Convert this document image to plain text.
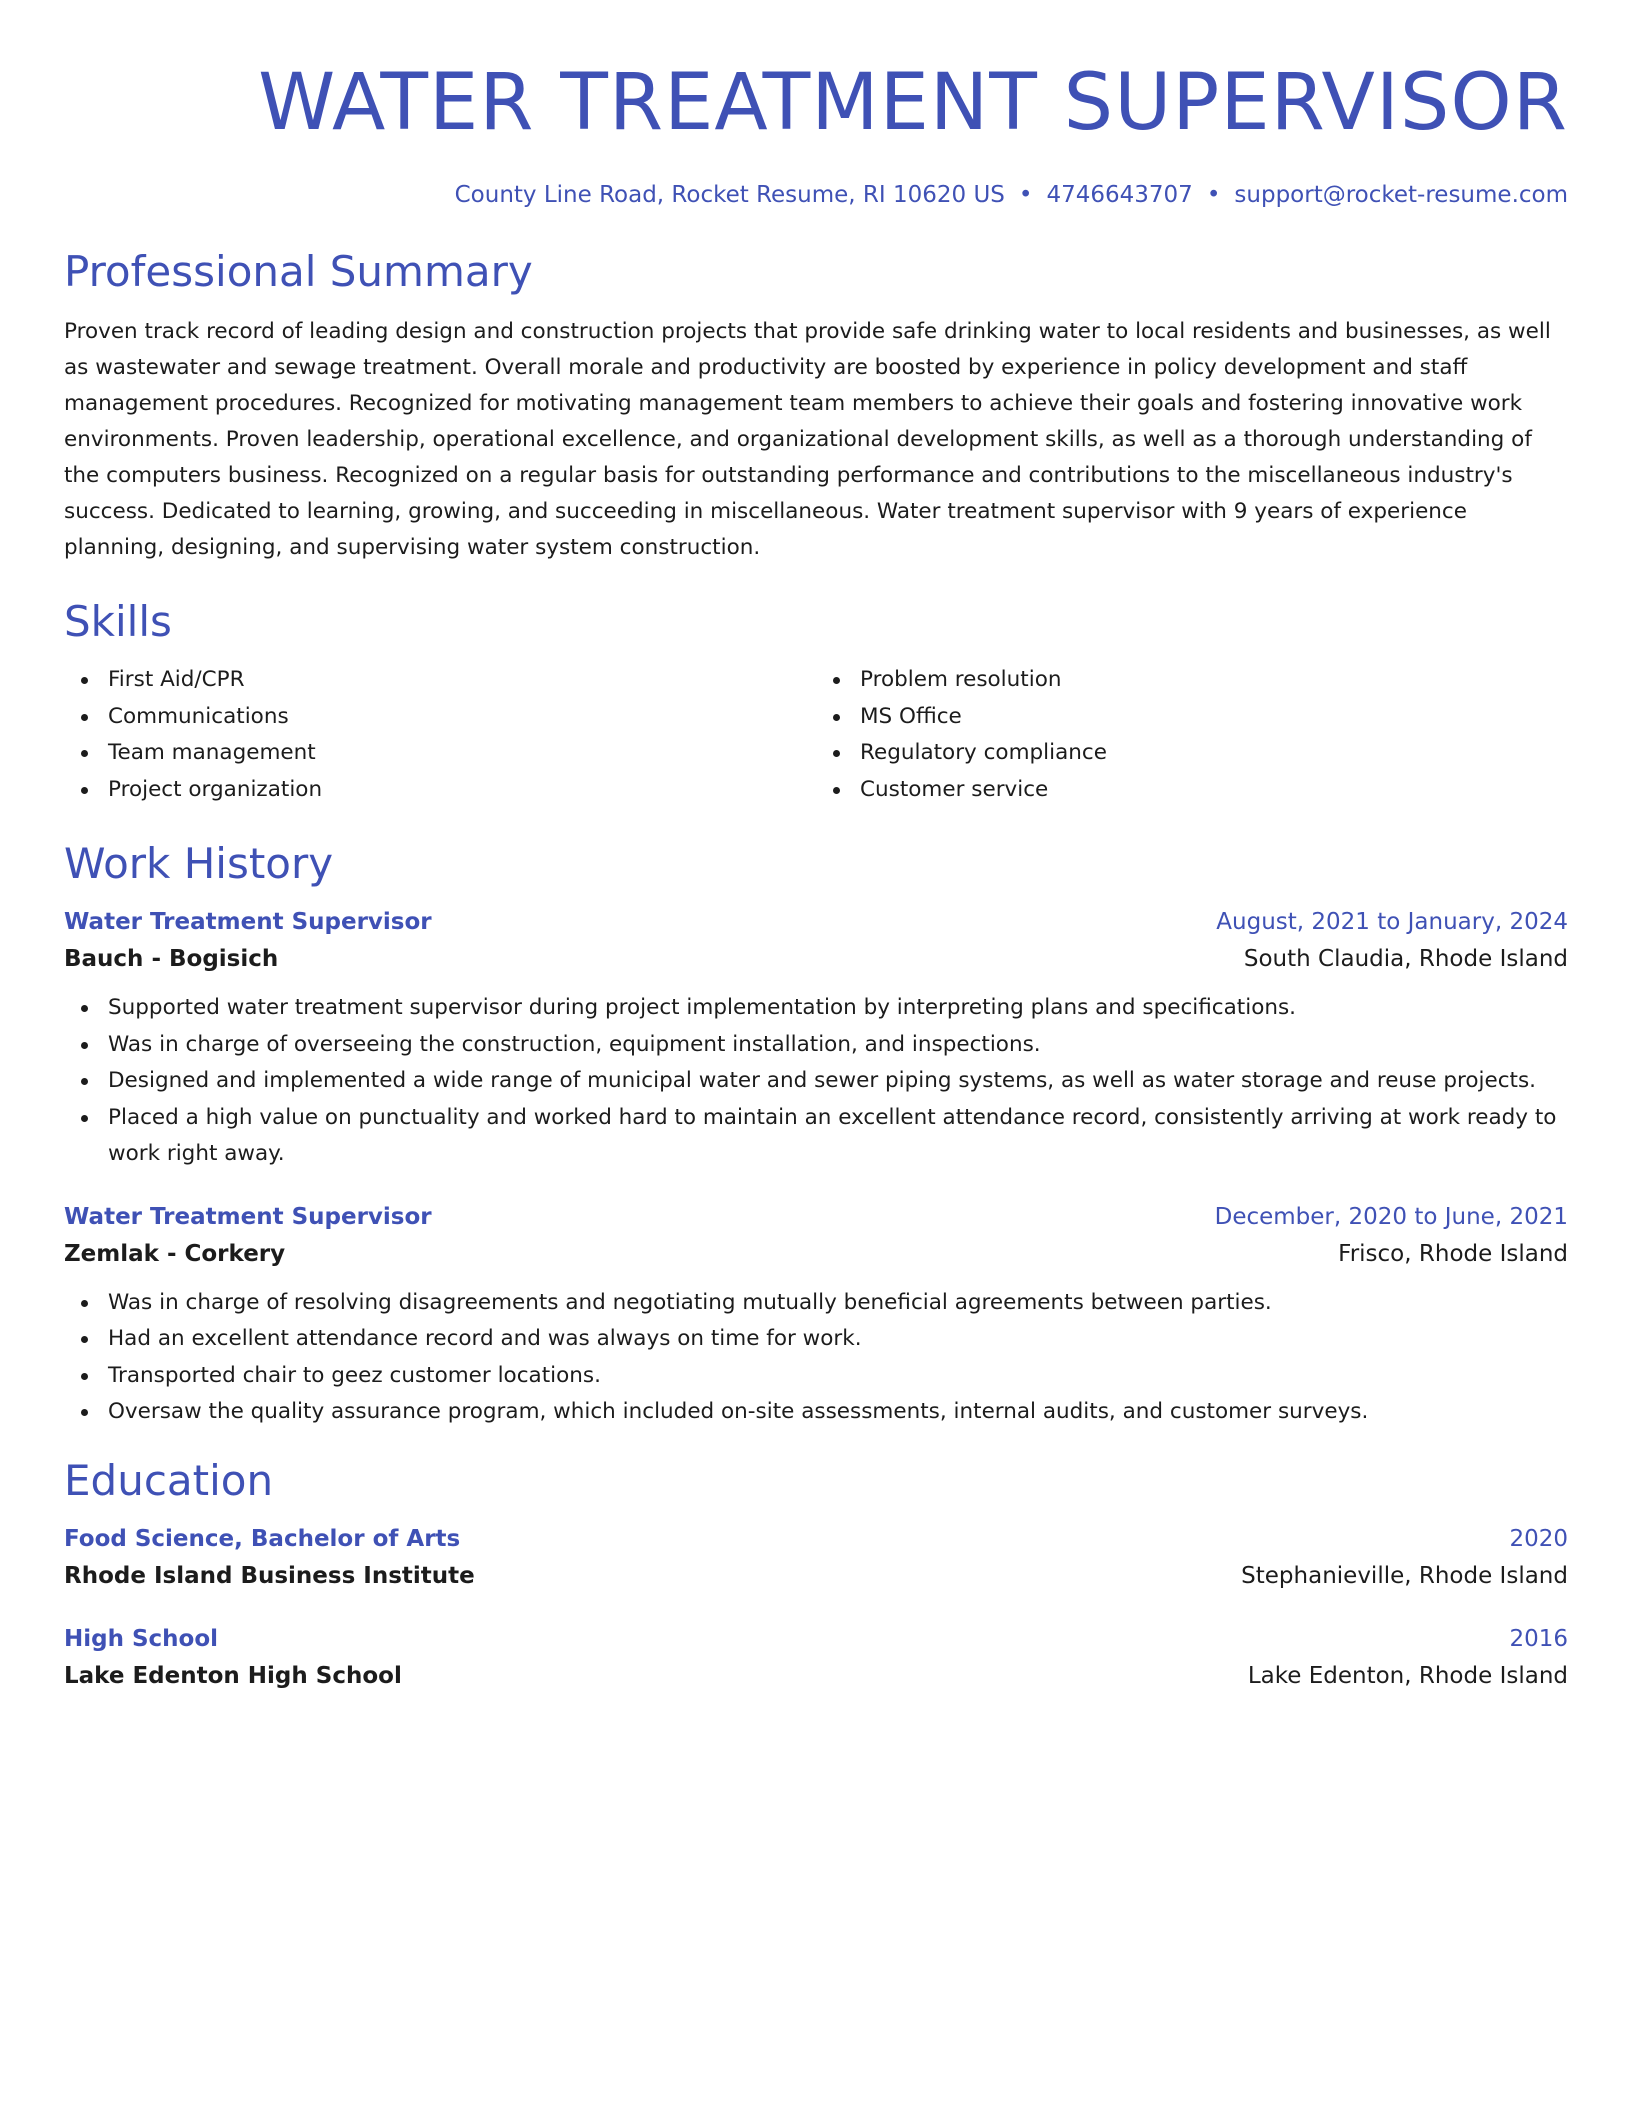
WATER TREATMENT SUPERVISOR
County Line Road, Rocket Resume, RI 10620 US • 4746643707 • support@rocket-resume.com
Professional Summary
Proven track record of leading design and construction projects that provide safe drinking water to local residents and businesses, as well as wastewater and sewage treatment. Overall morale and productivity are boosted by experience in policy development and staff management procedures. Recognized for motivating management team members to achieve their goals and fostering innovative work environments. Proven leadership, operational excellence, and organizational development skills, as well as a thorough understanding of the computers business. Recognized on a regular basis for outstanding performance and contributions to the miscellaneous industry's success. Dedicated to learning, growing, and succeeding in miscellaneous. Water treatment supervisor with 9 years of experience planning, designing, and supervising water system construction.
Skills
First Aid/CPR
Communications
Team management
Project organization
Problem resolution
MS Office
Regulatory compliance
Customer service
Work History
Water Treatment Supervisor	August, 2021 to January, 2024
Bauch - Bogisich	South Claudia, Rhode Island
Supported water treatment supervisor during project implementation by interpreting plans and specifications.
Was in charge of overseeing the construction, equipment installation, and inspections.
Designed and implemented a wide range of municipal water and sewer piping systems, as well as water storage and reuse projects.
Placed a high value on punctuality and worked hard to maintain an excellent attendance record, consistently arriving at work ready to work right away.
Water Treatment Supervisor	December, 2020 to June, 2021
Zemlak - Corkery	Frisco, Rhode Island
Was in charge of resolving disagreements and negotiating mutually beneficial agreements between parties.
Had an excellent attendance record and was always on time for work.
Transported chair to geez customer locations.
Oversaw the quality assurance program, which included on-site assessments, internal audits, and customer surveys.
Education
Food Science, Bachelor of Arts	2020
Rhode Island Business Institute	Stephanieville, Rhode Island
High School	2016
Lake Edenton High School	Lake Edenton, Rhode Island
